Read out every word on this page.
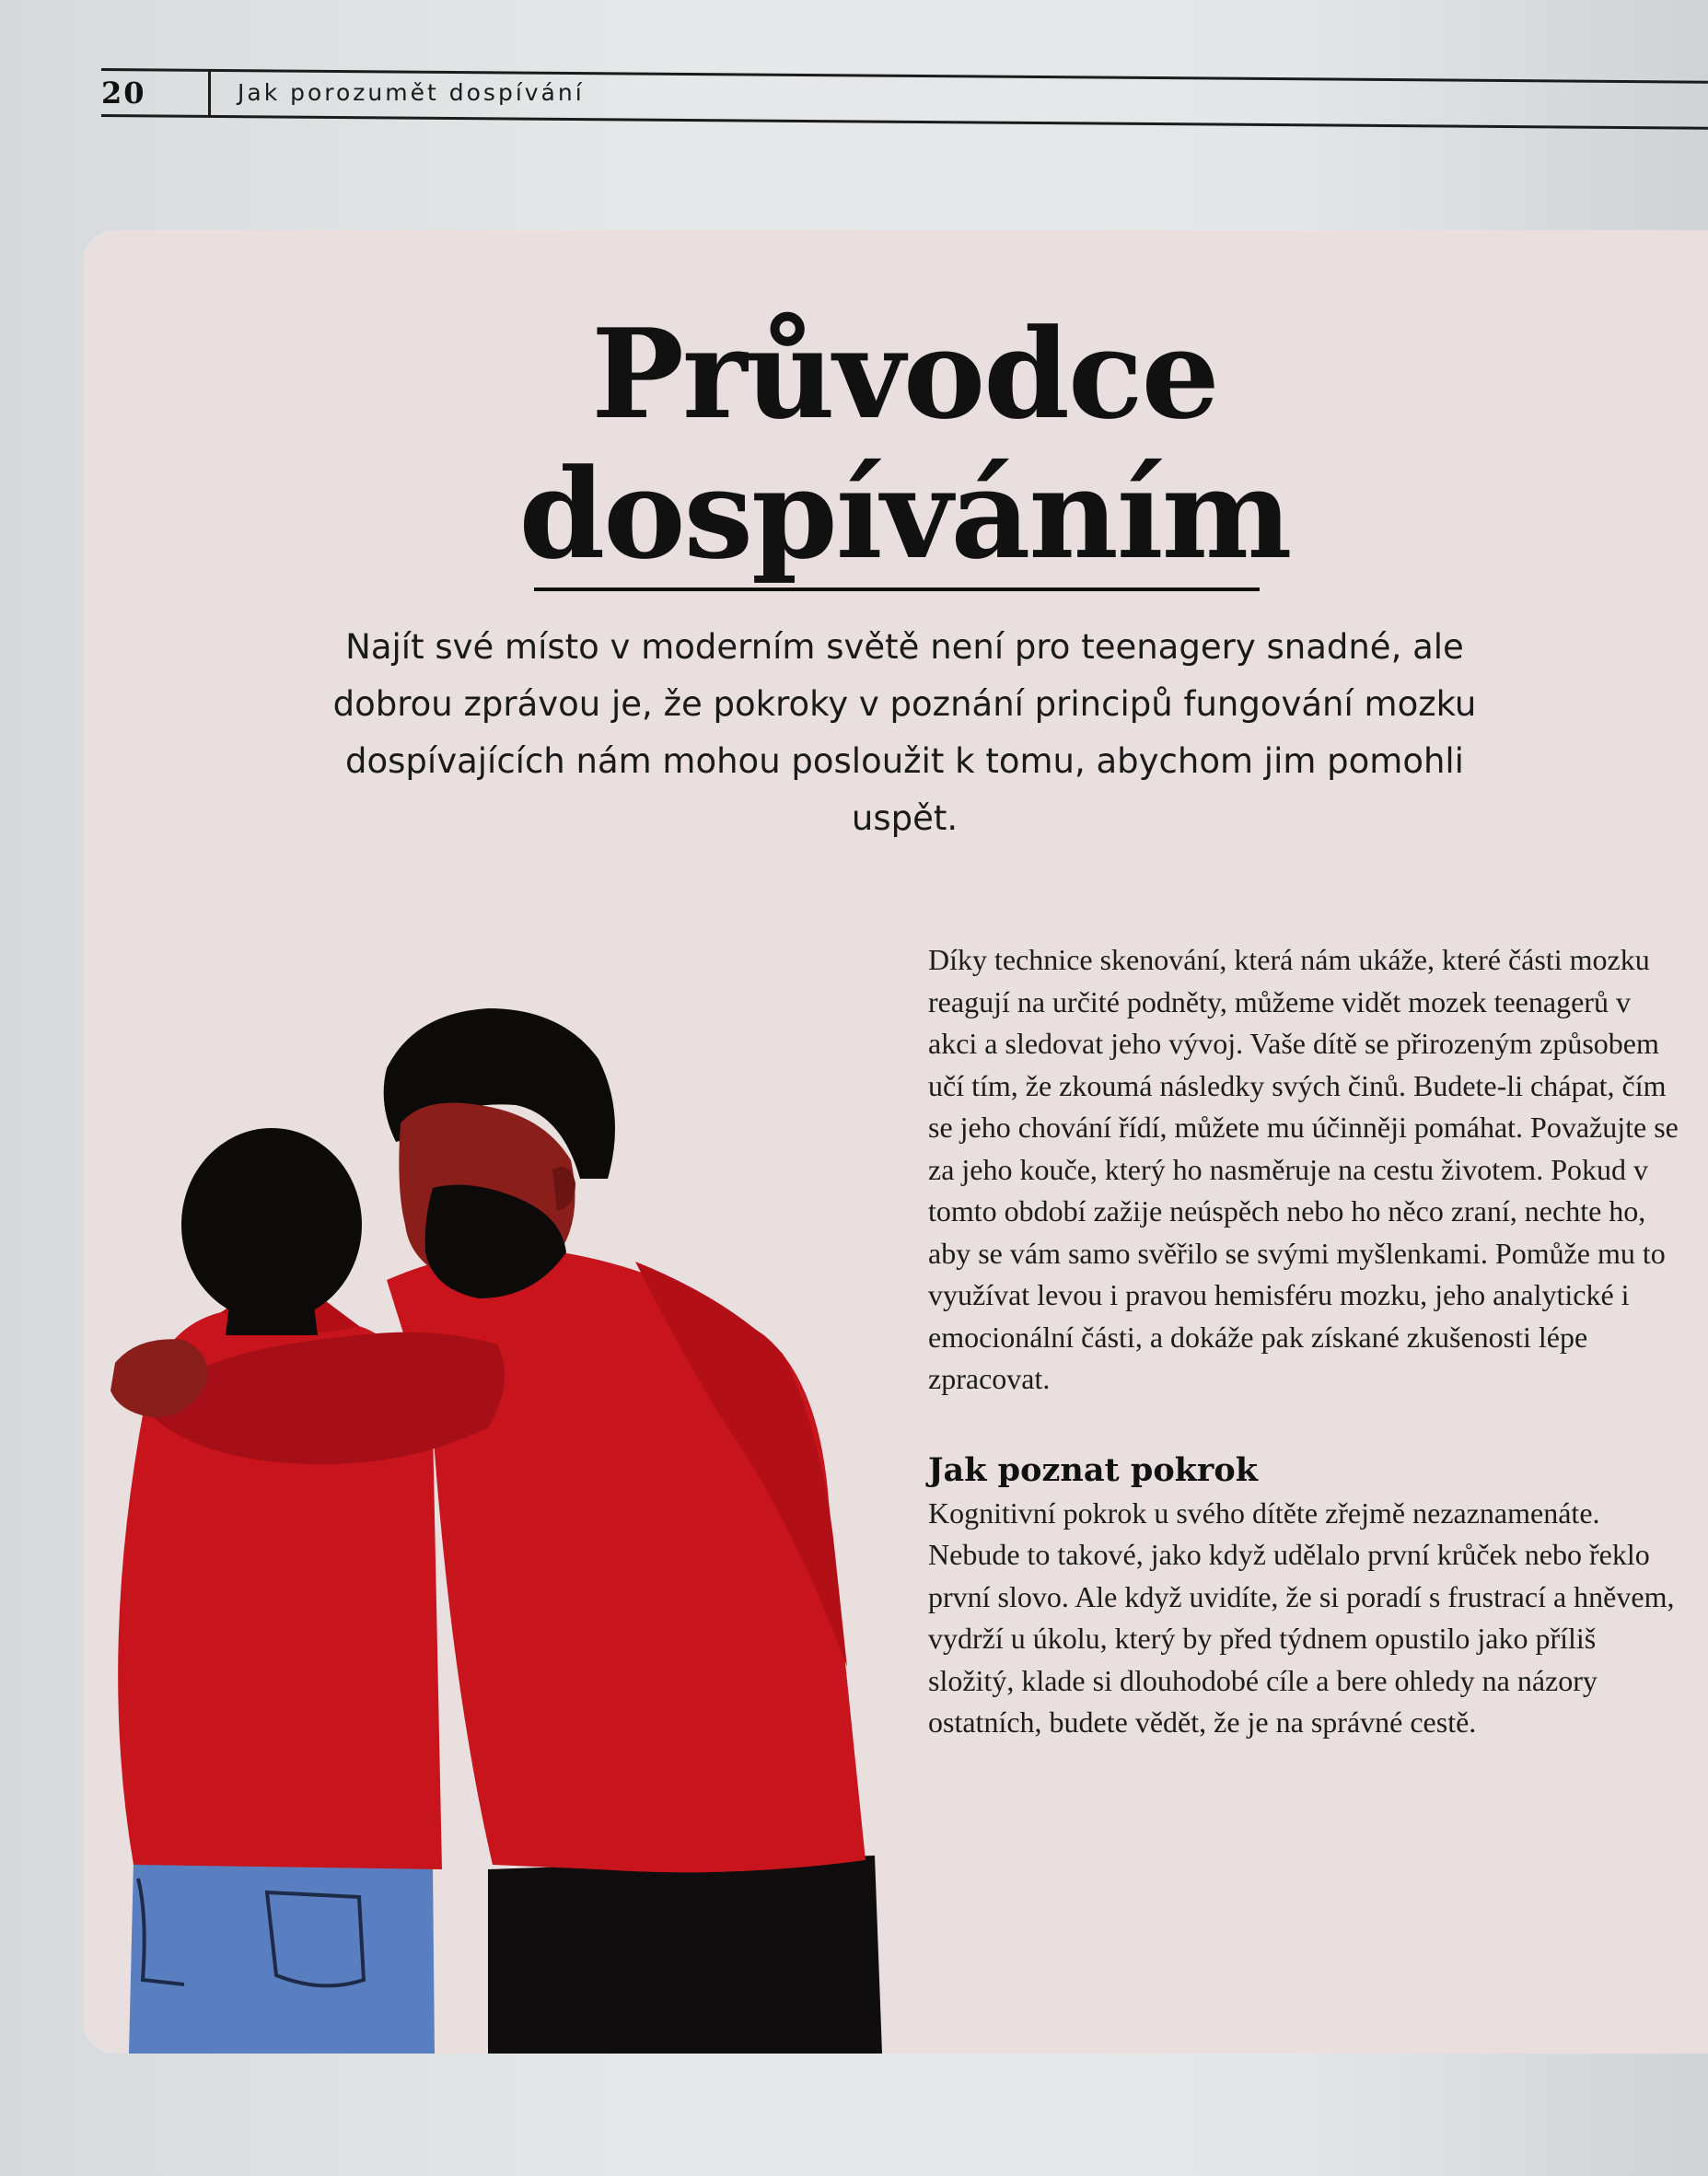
20	Jak porozumět dospívání
Průvodce
dospíváním
Najít své místo v moderním světě není pro teenagery snadné, ale dobrou zprávou je, že pokroky v poznání principů fungování mozku dospívajících nám mohou posloužit k tomu, abychom jim pomohli uspět.

Díky technice skenování, která nám ukáže, které části mozku reagují na určité podněty, můžeme vidět mozek teenagerů v akci a sledovat jeho vývoj. Vaše dítě se přirozeným způsobem učí tím, že zkoumá následky svých činů. Budete-li chápat, čím se jeho chování řídí, můžete mu účinněji pomáhat. Považujte se za jeho kouče, který ho nasměruje na cestu životem. Pokud v tomto období zažije neúspěch nebo ho něco zraní, nechte ho, aby se vám samo svěřilo se svými myšlenkami. Pomůže mu to využívat levou i pravou hemisféru mozku, jeho analytické i emocionální části, a dokáže pak získané zkušenosti lépe zpracovat.

Jak poznat pokrok

Kognitivní pokrok u svého dítěte zřejmě nezaznamenáte. Nebude to takové, jako když udělalo první krůček nebo řeklo první slovo. Ale když uvidíte, že si poradí s frustrací a hněvem, vydrží u úkolu, který by před týdnem opustilo jako příliš složitý, klade si dlouhodobé cíle a bere ohledy na názory ostatních, budete vědět, že je na správné cestě.
